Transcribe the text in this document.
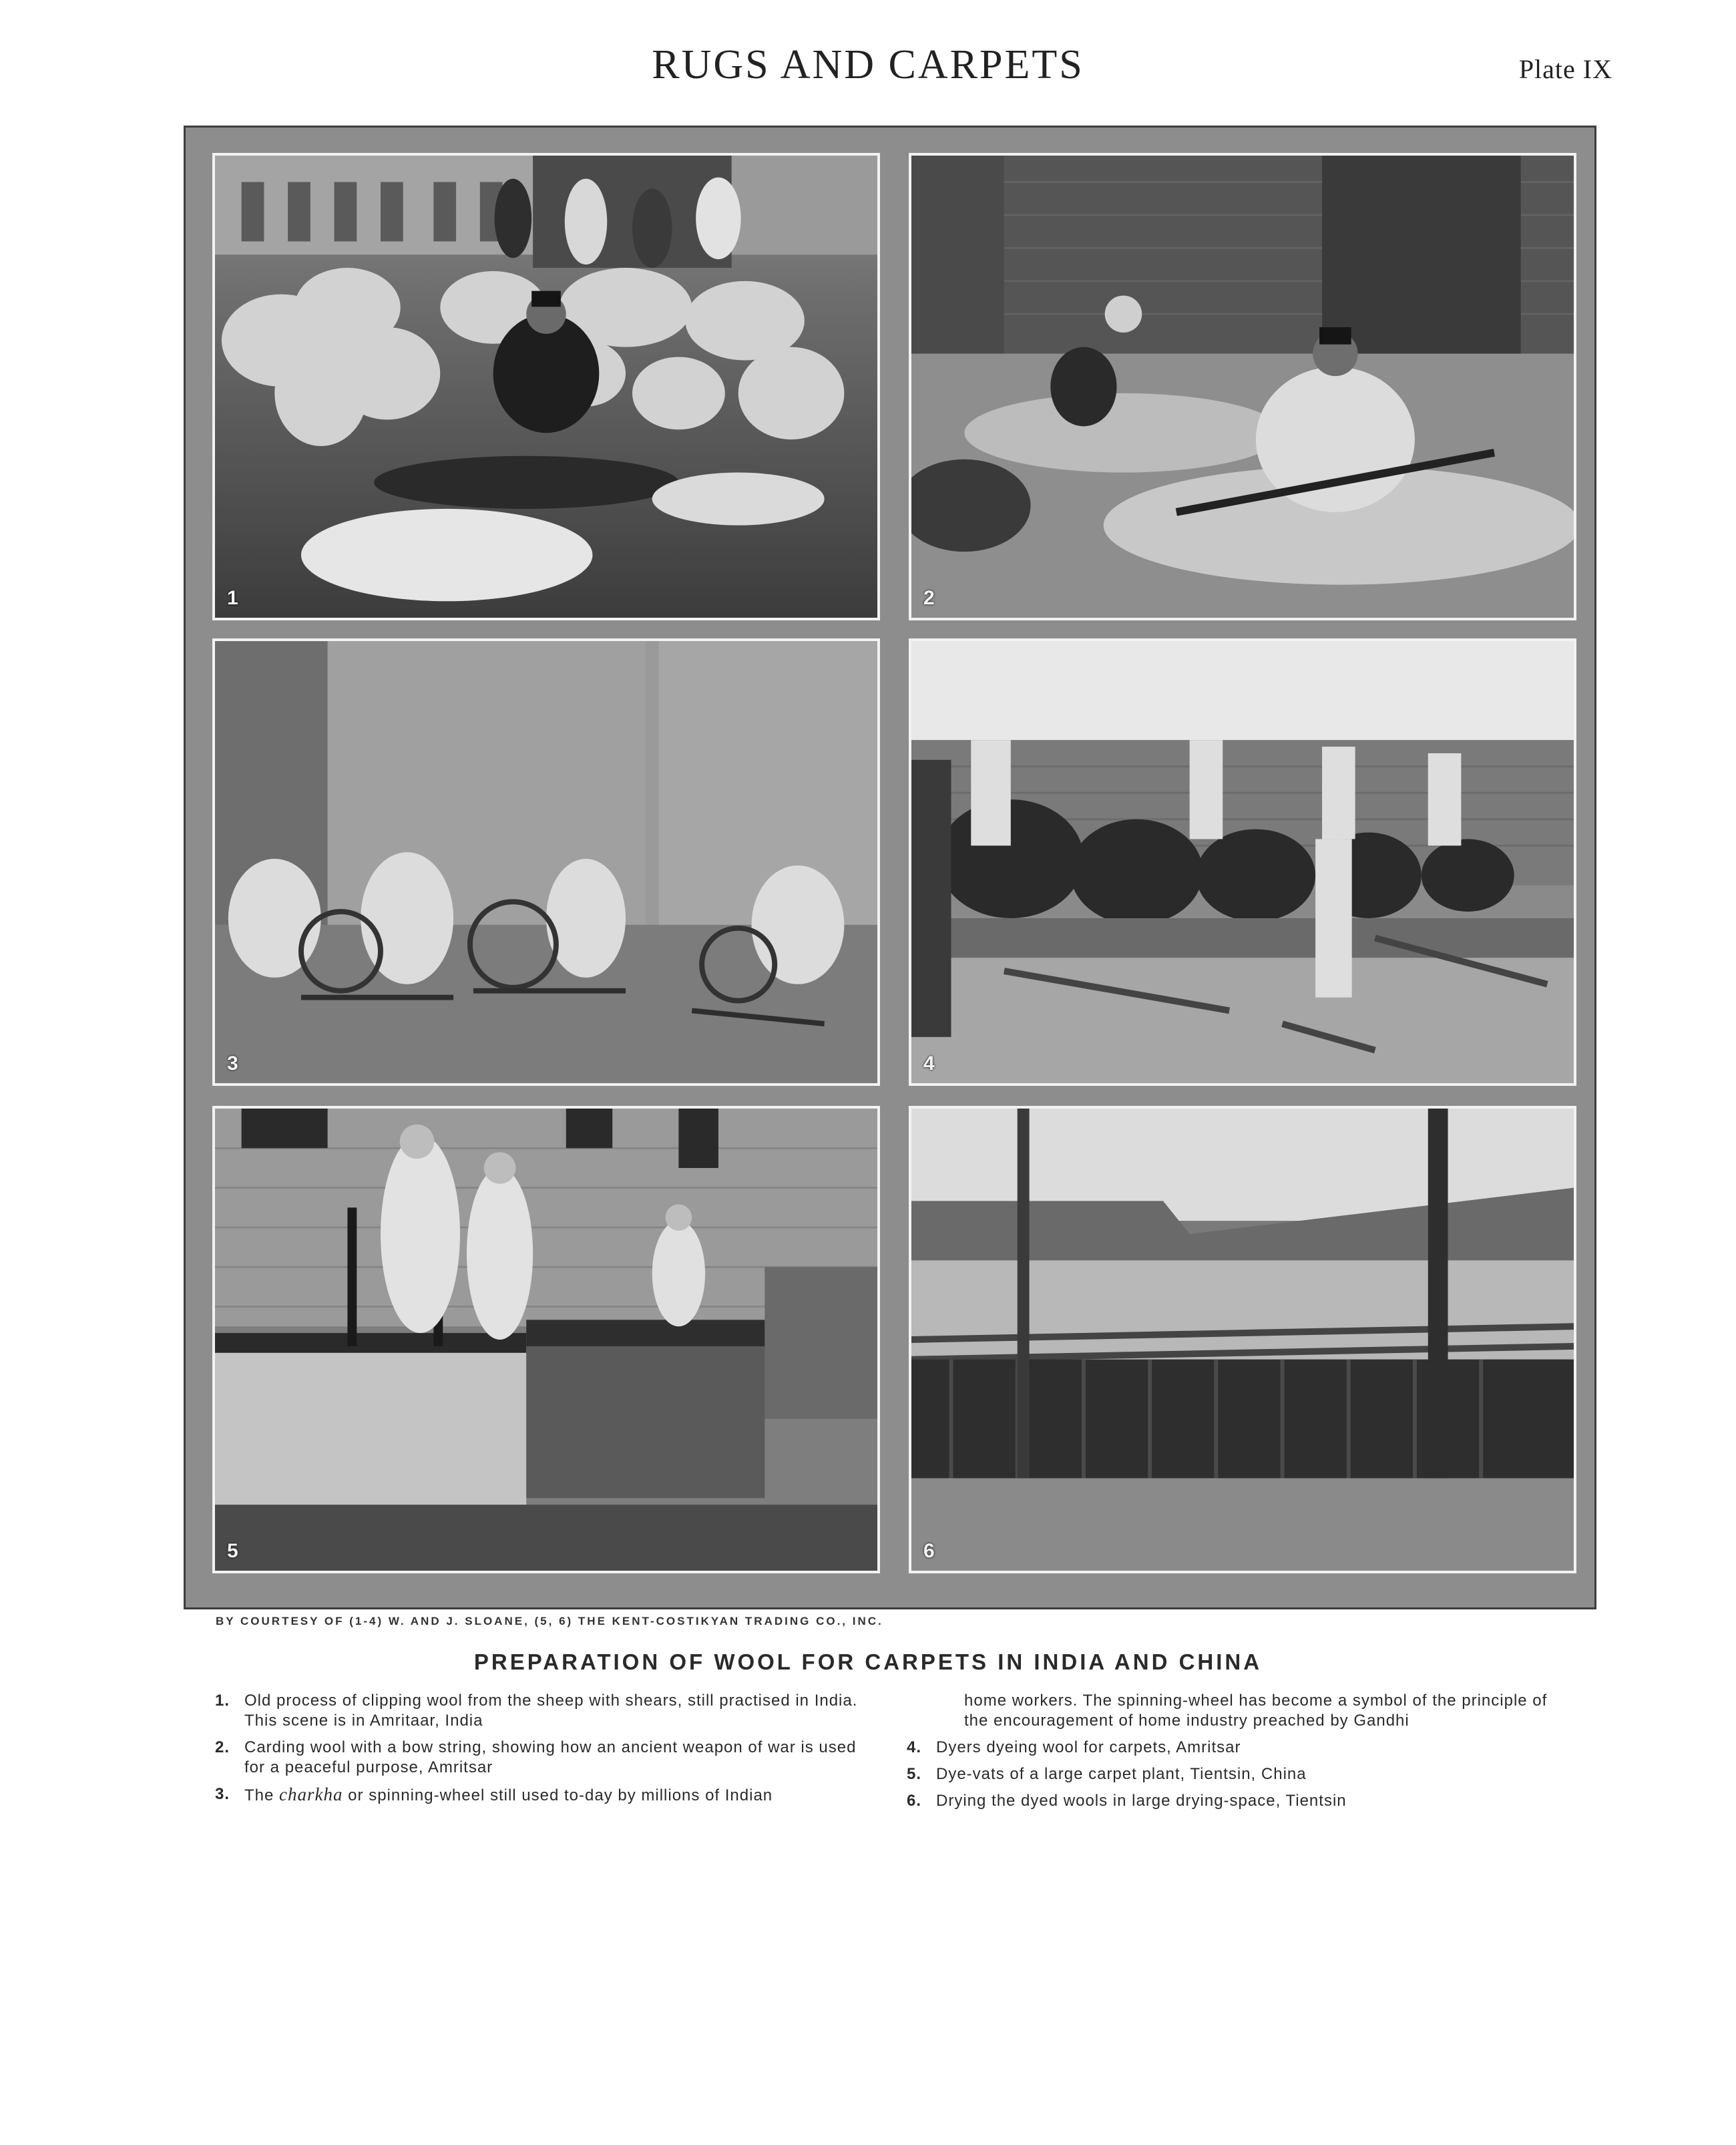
RUGS AND CARPETS	Plate IX
1	2
3	4
5	6
BY COURTESY OF (1-4) W. AND J. SLOANE, (5, 6) THE KENT-COSTIKYAN TRADING CO., INC.
PREPARATION OF WOOL FOR CARPETS IN INDIA AND CHINA
1. Old process of clipping wool from the sheep with shears, still practised in India. This scene is in Amritaar, India
2. Carding wool with a bow string, showing how an ancient weapon of war is used for a peaceful purpose, Amritsar
3. The charkha or spinning-wheel still used to-day by millions of Indian
home workers. The spinning-wheel has become a symbol of the principle of the encouragement of home industry preached by Gandhi
4. Dyers dyeing wool for carpets, Amritsar
5. Dye-vats of a large carpet plant, Tientsin, China
6. Drying the dyed wools in large drying-space, Tientsin
